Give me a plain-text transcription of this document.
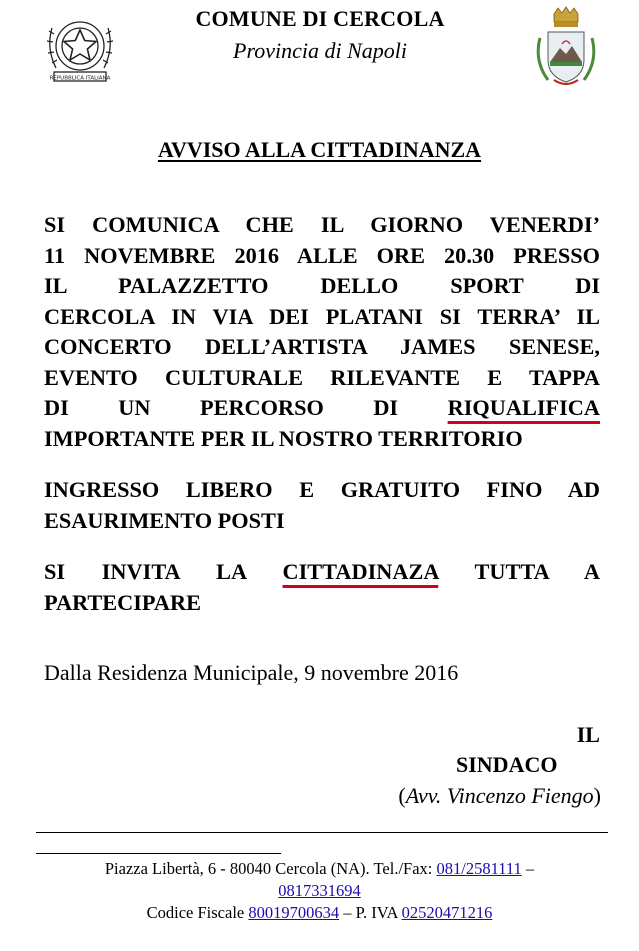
REPUBBLICA ITALIANA
COMUNE DI CERCOLA
Provincia di Napoli
AVVISO ALLA CITTADINANZA
SI COMUNICA CHE IL GIORNO VENERDI’
11 NOVEMBRE 2016 ALLE ORE 20.30 PRESSO
IL PALAZZETTO DELLO SPORT DI
CERCOLA IN VIA DEI PLATANI SI TERRA’ IL
CONCERTO DELL’ARTISTA JAMES SENESE,
EVENTO CULTURALE RILEVANTE E TAPPA
DI UN PERCORSO DI RIQUALIFICA
IMPORTANTE PER IL NOSTRO TERRITORIO
INGRESSO LIBERO E GRATUITO FINO AD
ESAURIMENTO POSTI
SI INVITA LA CITTADINAZA TUTTA A
PARTECIPARE
Dalla Residenza Municipale, 9 novembre 2016
IL
SINDACO
(Avv. Vincenzo Fiengo)
Piazza Libertà, 6 - 80040 Cercola (NA). Tel./Fax: 081/2581111 –
0817331694
Codice Fiscale 80019700634 – P. IVA 02520471216
